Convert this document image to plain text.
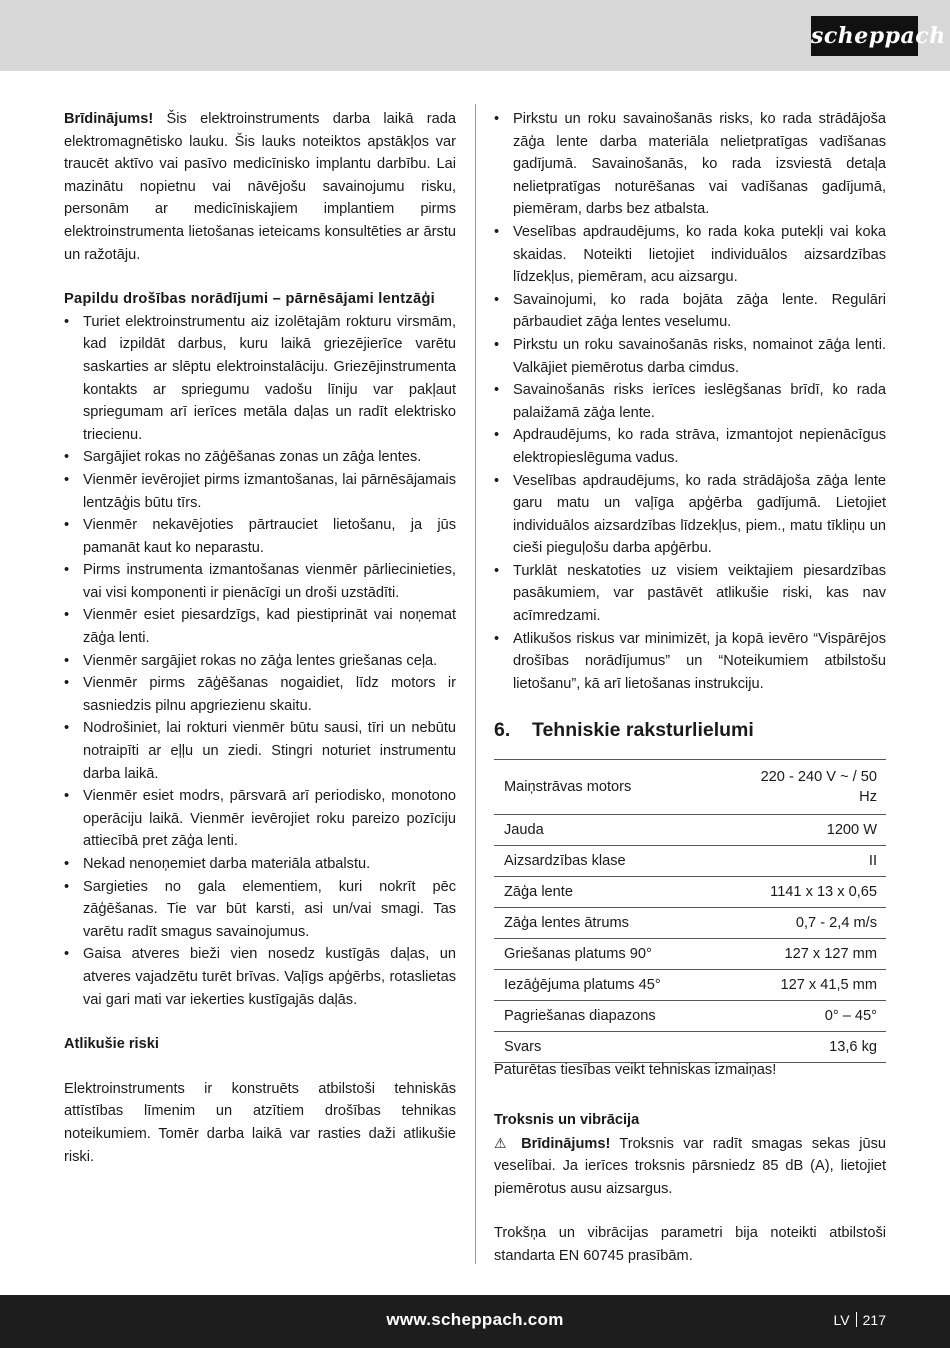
scheppach

Brīdinājums! Šis elektroinstruments darba laikā rada elektromagnētisko lauku. Šis lauks noteiktos apstākļos var traucēt aktīvo vai pasīvo medicīnisko implantu darbību. Lai mazinātu nopietnu vai nāvējošu savainojumu risku, personām ar medicīniskajiem implantiem pirms elektroinstrumenta lietošanas ieteicams konsultēties ar ārstu un ražotāju.

Papildu drošības norādījumi – pārnēsājami lentzāģi

• Turiet elektroinstrumentu aiz izolētajām rokturu virsmām, kad izpildāt darbus, kuru laikā griezējierīce varētu saskarties ar slēptu elektroinstalāciju. Griezējinstrumenta kontakts ar spriegumu vadošu līniju var pakļaut spriegumam arī ierīces metāla daļas un radīt elektrisko triecienu.
• Sargājiet rokas no zāģēšanas zonas un zāģa lentes.
• Vienmēr ievērojiet pirms izmantošanas, lai pārnēsājamais lentzāģis būtu tīrs.
• Vienmēr nekavējoties pārtrauciet lietošanu, ja jūs pamanāt kaut ko neparastu.
• Pirms instrumenta izmantošanas vienmēr pārliecinieties, vai visi komponenti ir pienācīgi un droši uzstādīti.
• Vienmēr esiet piesardzīgs, kad piestiprināt vai noņemat zāģa lenti.
• Vienmēr sargājiet rokas no zāģa lentes griešanas ceļa.
• Vienmēr pirms zāģēšanas nogaidiet, līdz motors ir sasniedzis pilnu apgriezienu skaitu.
• Nodrošiniet, lai rokturi vienmēr būtu sausi, tīri un nebūtu notraipīti ar eļļu un ziedi. Stingri noturiet instrumentu darba laikā.
• Vienmēr esiet modrs, pārsvarā arī periodisko, monotono operāciju laikā. Vienmēr ievērojiet roku pareizo pozīciju attiecībā pret zāģa lenti.
• Nekad nenoņemiet darba materiāla atbalstu.
• Sargieties no gala elementiem, kuri nokrīt pēc zāģēšanas. Tie var būt karsti, asi un/vai smagi. Tas varētu radīt smagus savainojumus.
• Gaisa atveres bieži vien nosedz kustīgās daļas, un atveres vajadzētu turēt brīvas. Vaļīgs apģērbs, rotaslietas vai gari mati var iekerties kustīgajās daļās.

Atlikušie riski

Elektroinstruments ir konstruēts atbilstoši tehniskās attīstības līmenim un atzītiem drošības tehnikas noteikumiem. Tomēr darba laikā var rasties daži atlikušie riski.

• Pirkstu un roku savainošanās risks, ko rada strādājoša zāģa lente darba materiāla nelietpratīgas vadīšanas gadījumā. Savainošanās, ko rada izsviestā detaļa nelietpratīgas noturēšanas vai vadīšanas gadījumā, piemēram, darbs bez atbalsta.
• Veselības apdraudējums, ko rada koka putekļi vai koka skaidas. Noteikti lietojiet individuālos aizsardzības līdzekļus, piemēram, acu aizsargu.
• Savainojumi, ko rada bojāta zāģa lente. Regulāri pārbaudiet zāģa lentes veselumu.
• Pirkstu un roku savainošanās risks, nomainot zāģa lenti. Valkājiet piemērotus darba cimdus.
• Savainošanās risks ierīces ieslēgšanas brīdī, ko rada palaižamā zāģa lente.
• Apdraudējums, ko rada strāva, izmantojot nepienācīgus elektropieslēguma vadus.
• Veselības apdraudējums, ko rada strādājoša zāģa lente garu matu un vaļīga apģērba gadījumā. Lietojiet individuālos aizsardzības līdzekļus, piem., matu tīkliņu un cieši pieguļošu darba apģērbu.
• Turklāt neskatoties uz visiem veiktajiem piesardzības pasākumiem, var pastāvēt atlikušie riski, kas nav acīmredzami.
• Atlikušos riskus var minimizēt, ja kopā ievēro “Vispārējos drošības norādījumus” un “Noteikumiem atbilstošu lietošanu”, kā arī lietošanas instrukciju.
6. Tehniskie raksturlielumi
Maiņstrāvas motors	220 - 240 V ~ / 50 Hz
Jauda	1200 W
Aizsardzības klase	II
Zāģa lente	1141 x 13 x 0,65
Zāģa lentes ātrums	0,7 - 2,4 m/s
Griešanas platums 90°	127 x 127 mm
Iezāģējuma platums 45°	127 x 41,5 mm
Pagriešanas diapazons	0° – 45°
Svars	13,6 kg

Paturētas tiesības veikt tehniskas izmaiņas!

Troksnis un vibrācija

⚠ Brīdinājums! Troksnis var radīt smagas sekas jūsu veselībai. Ja ierīces troksnis pārsniedz 85 dB (A), lietojiet piemērotus ausu aizsargus.

Trokšņa un vibrācijas parametri bija noteikti atbilstoši standarta EN 60745 prasībām.

www.scheppach.com	LV 217
